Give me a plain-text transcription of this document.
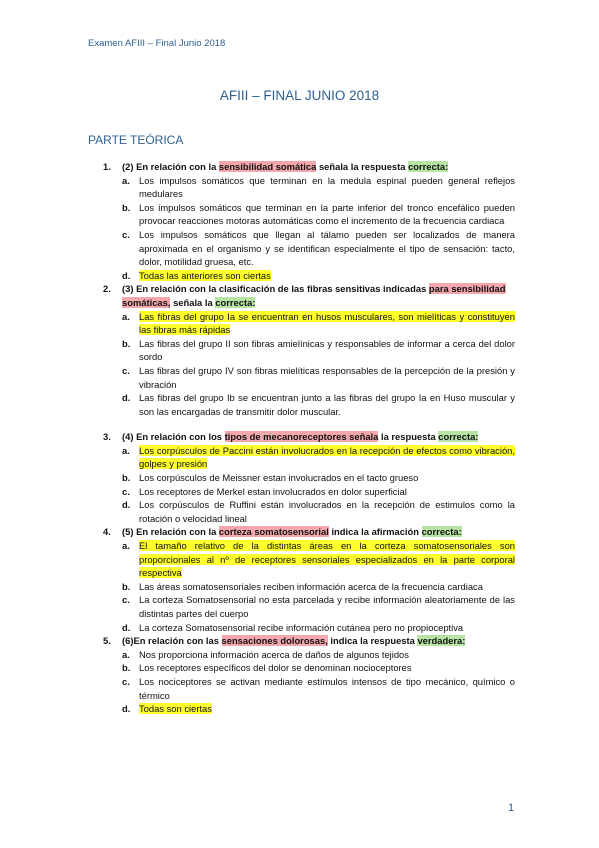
Examen AFIII – Final Junio 2018
AFIII – FINAL JUNIO 2018
PARTE TEÓRICA
1.	(2) En relación con la sensibilidad somática señala la respuesta correcta:
a. Los impulsos somáticos que terminan en la medula espinal pueden general reflejos medulares
b. Los impulsos somáticos que terminan en la parte inferior del tronco encefálico pueden provocar reacciones motoras automáticas como el incremento de la frecuencia cardiaca
c. Los impulsos somáticos que llegan al tálamo pueden ser localizados de manera aproximada en el organismo y se identifican especialmente el tipo de sensación: tacto, dolor, motilidad gruesa, etc.
d. Todas las anteriores son ciertas
2.	(3) En relación con la clasificación de las fibras sensitivas indicadas para sensibilidad somáticas, señala la correcta:
a. Las fibras del grupo Ia se encuentran en husos musculares, son mielíticas y constituyen las fibras más rápidas
b. Las fibras del grupo II son fibras amielínicas y responsables de informar a cerca del dolor sordo
c. Las fibras del grupo IV son fibras mielíticas responsables de la percepción de la presión y vibración
d. Las fibras del grupo Ib se encuentran junto a las fibras del grupo Ia en Huso muscular y son las encargadas de transmitir dolor muscular.
3.	(4) En relación con los tipos de mecanoreceptores señala la respuesta correcta:
a. Los corpúsculos de Paccini están involucrados en la recepción de efectos como vibración, golpes y presión
b. Los corpúsculos de Meissner estan involucrados en el tacto grueso
c. Los receptores de Merkel estan involucrados en dolor superficial
d. Los corpúsculos de Ruffini están involucrados en la recepción de estimulos como la rotación o velocidad lineal
4.	(5) En relación con la corteza somatosensorial indica la afirmación correcta:
a. El tamaño relativo de la distintas áreas en la corteza somatosensoriales son proporcionales al nº de receptores sensoriales especializados en la parte corporal respectiva
b. Las áreas somatosensoriales reciben información acerca de la frecuencia cardiaca
c. La corteza Somatosensorial no esta parcelada y recibe información aleatoriamente de las distintas partes del cuerpo
d. La corteza Somatosensorial recibe información cutánea pero no propioceptiva
5.	(6)En relación con las sensaciones dolorosas, indica la respuesta verdadera:
a. Nos proporciona información acerca de daños de algunos tejidos
b. Los receptores específicos del dolor se denominan nocioceptores
c. Los nociceptores se activan mediante estímulos intensos de tipo mecánico, químico o térmico
d. Todas son ciertas
1
